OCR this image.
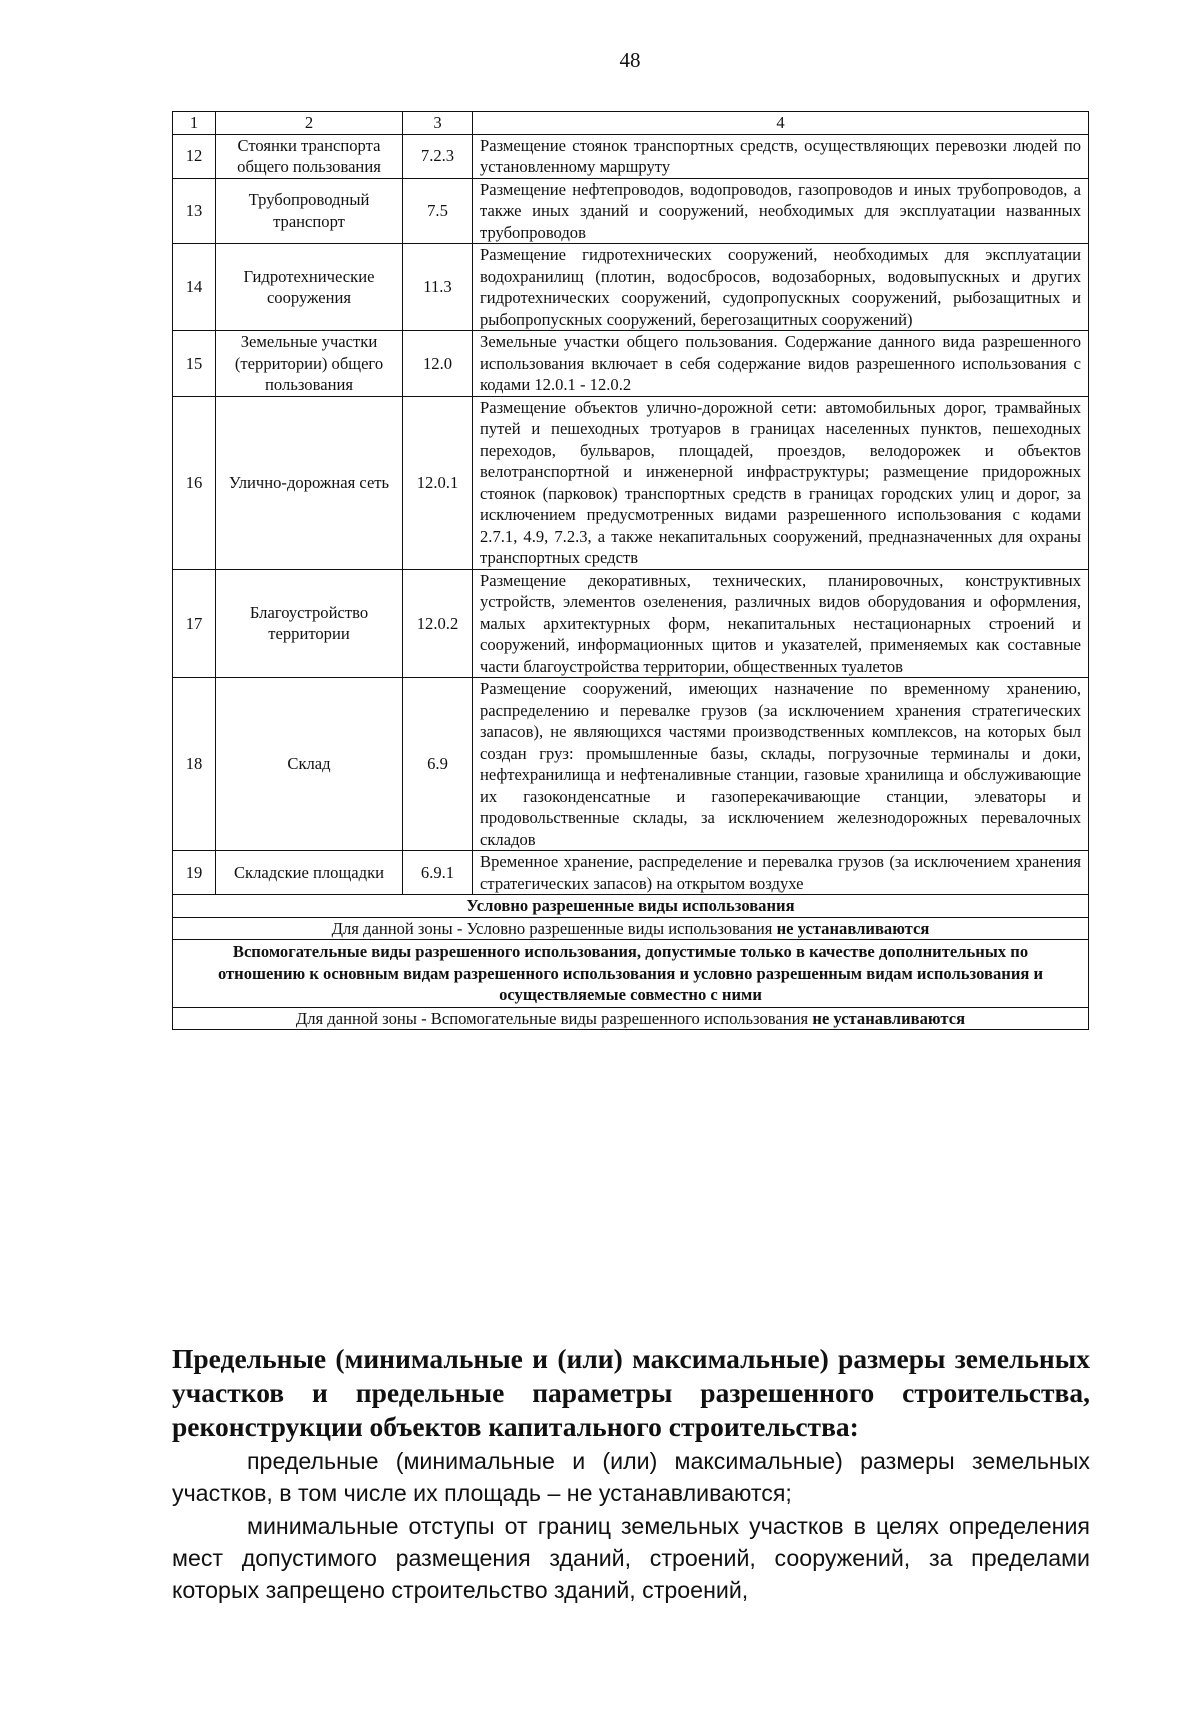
48
1	2	3	4
12	Стоянки транспорта общего пользования	7.2.3	Размещение стоянок транспортных средств, осуществляющих перевозки людей по установленному маршруту
13	Трубопроводный транспорт	7.5	Размещение нефтепроводов, водопроводов, газопроводов и иных трубопроводов, а также иных зданий и сооружений, необходимых для эксплуатации названных трубопроводов
14	Гидротехнические сооружения	11.3	Размещение гидротехнических сооружений, необходимых для эксплуатации водохранилищ (плотин, водосбросов, водозаборных, водовыпускных и других гидротехнических сооружений, судопропускных сооружений, рыбозащитных и рыбопропускных сооружений, берегозащитных сооружений)
15	Земельные участки (территории) общего пользования	12.0	Земельные участки общего пользования. Содержание данного вида разрешенного использования включает в себя содержание видов разрешенного использования с кодами 12.0.1 - 12.0.2
16	Улично-дорожная сеть	12.0.1	Размещение объектов улично-дорожной сети: автомобильных дорог, трамвайных путей и пешеходных тротуаров в границах населенных пунктов, пешеходных переходов, бульваров, площадей, проездов, велодорожек и объектов велотранспортной и инженерной инфраструктуры; размещение придорожных стоянок (парковок) транспортных средств в границах городских улиц и дорог, за исключением предусмотренных видами разрешенного использования с кодами 2.7.1, 4.9, 7.2.3, а также некапитальных сооружений, предназначенных для охраны транспортных средств
17	Благоустройство территории	12.0.2	Размещение декоративных, технических, планировочных, конструктивных устройств, элементов озеленения, различных видов оборудования и оформления, малых архитектурных форм, некапитальных нестационарных строений и сооружений, информационных щитов и указателей, применяемых как составные части благоустройства территории, общественных туалетов
18	Склад	6.9	Размещение сооружений, имеющих назначение по временному хранению, распределению и перевалке грузов (за исключением хранения стратегических запасов), не являющихся частями производственных комплексов, на которых был создан груз: промышленные базы, склады, погрузочные терминалы и доки, нефтехранилища и нефтеналивные станции, газовые хранилища и обслуживающие их газоконденсатные и газоперекачивающие станции, элеваторы и продовольственные склады, за исключением железнодорожных перевалочных складов
19	Складские площадки	6.9.1	Временное хранение, распределение и перевалка грузов (за исключением хранения стратегических запасов) на открытом воздухе
Условно разрешенные виды использования			
Для данной зоны - Условно разрешенные виды использования не устанавливаются			
Вспомогательные виды разрешенного использования, допустимые только в качестве дополнительных по отношению к основным видам разрешенного использования и условно разрешенным видам использования и осуществляемые совместно с ними			
Для данной зоны - Вспомогательные виды разрешенного использования не устанавливаются			
Предельные (минимальные и (или) максимальные) размеры земельных участков и предельные параметры разрешенного строительства, реконструкции объектов капитального строительства:
предельные (минимальные и (или) максимальные) размеры земельных участков, в том числе их площадь – не устанавливаются;
минимальные отступы от границ земельных участков в целях определения мест допустимого размещения зданий, строений, сооружений, за пределами которых запрещено строительство зданий, строений,
